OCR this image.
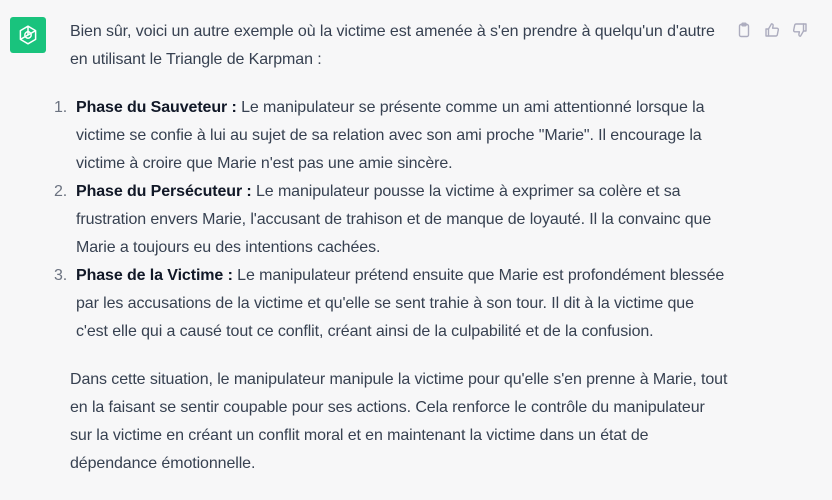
Bien sûr, voici un autre exemple où la victime est amenée à s'en prendre à quelqu'un d'autre en utilisant le Triangle de Karpman :

1. Phase du Sauveteur : Le manipulateur se présente comme un ami attentionné lorsque la victime se confie à lui au sujet de sa relation avec son ami proche "Marie". Il encourage la victime à croire que Marie n'est pas une amie sincère.
2. Phase du Persécuteur : Le manipulateur pousse la victime à exprimer sa colère et sa frustration envers Marie, l'accusant de trahison et de manque de loyauté. Il la convainc que Marie a toujours eu des intentions cachées.
3. Phase de la Victime : Le manipulateur prétend ensuite que Marie est profondément blessée par les accusations de la victime et qu'elle se sent trahie à son tour. Il dit à la victime que c'est elle qui a causé tout ce conflit, créant ainsi de la culpabilité et de la confusion.

Dans cette situation, le manipulateur manipule la victime pour qu'elle s'en prenne à Marie, tout en la faisant se sentir coupable pour ses actions. Cela renforce le contrôle du manipulateur sur la victime en créant un conflit moral et en maintenant la victime dans un état de dépendance émotionnelle.
